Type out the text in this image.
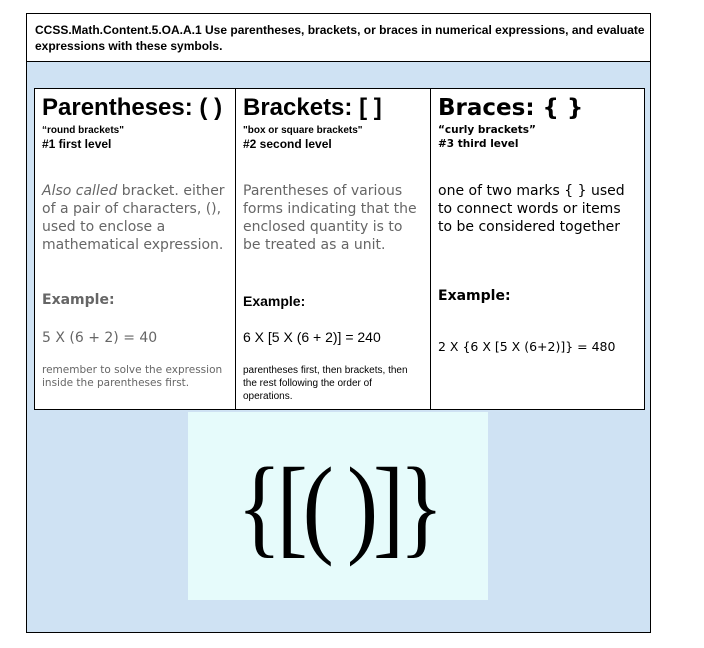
CCSS.Math.Content.5.OA.A.1 Use parentheses, brackets, or braces in numerical expressions, and evaluate expressions with these symbols.
Parentheses: ( )
“round brackets"
#1 first level
Also called bracket. either of a pair of characters, (), used to enclose a mathematical expression.
Example:
5 X (6 + 2) = 40
remember to solve the expression inside the parentheses first.
Brackets: [ ]
"box or square brackets"
#2 second level
Parentheses of various forms indicating that the enclosed quantity is to be treated as a unit.
Example:
6 X [5 X (6 + 2)] = 240
parentheses first, then brackets, then the rest following the order of operations.
Braces: { }
“curly brackets”
#3 third level
one of two marks { } used to connect words or items to be considered together
Example:
2 X {6 X [5 X (6+2)]} = 480
{[( )]}
